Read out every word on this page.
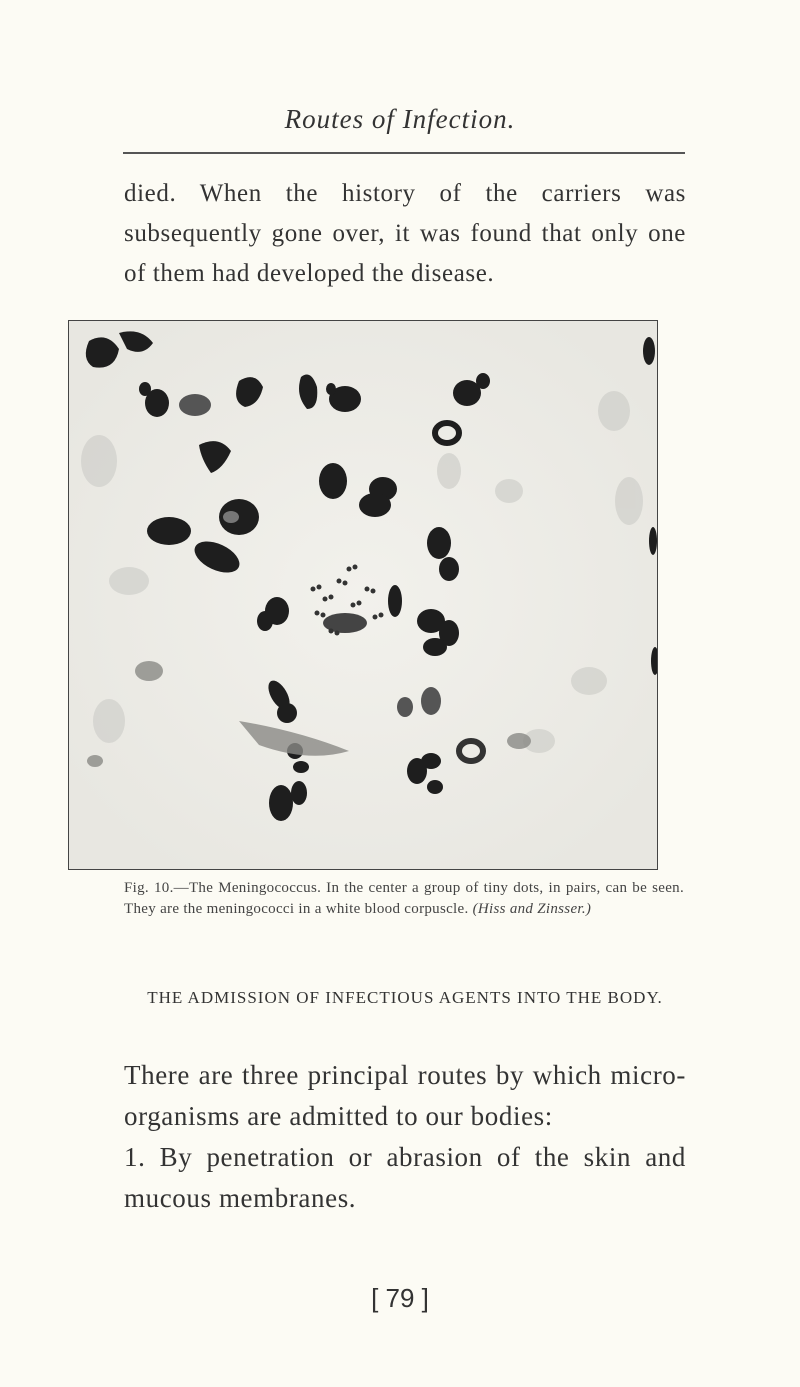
Routes of Infection.

died. When the history of the carriers was subsequently gone over, it was found that only one of them had developed the disease.

Fig. 10.—The Meningococcus. In the center a group of tiny dots, in pairs, can be seen. They are the meningococci in a white blood corpuscle. (Hiss and Zinsser.)
THE ADMISSION OF INFECTIOUS AGENTS INTO THE BODY.

There are three principal routes by which micro-organisms are admitted to our bodies:

1. By penetration or abrasion of the skin and mucous membranes.

[ 79 ]
